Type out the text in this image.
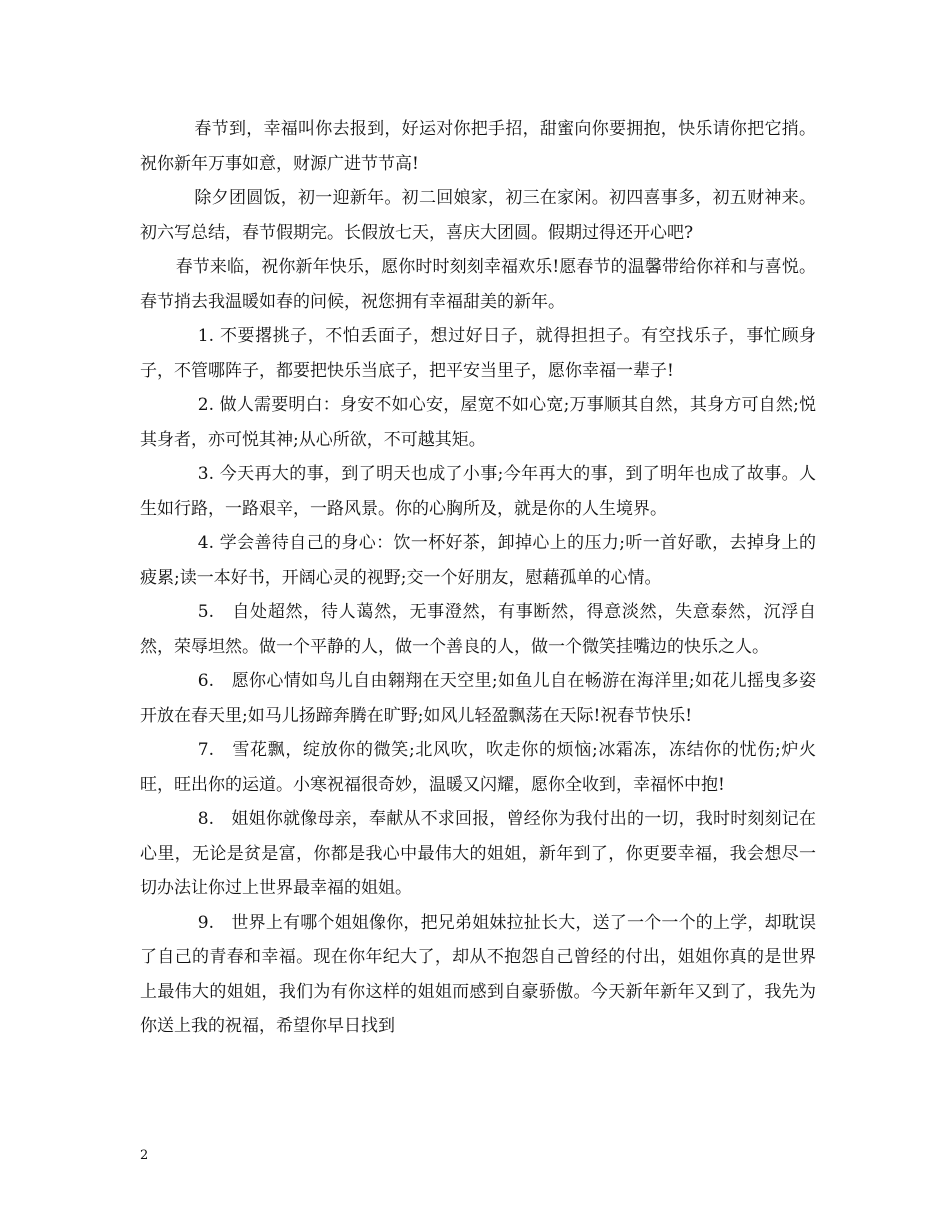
春节到，幸福叫你去报到，好运对你把手招，甜蜜向你要拥抱，快乐请你把它捎。祝你新年万事如意，财源广进节节高!

除夕团圆饭，初一迎新年。初二回娘家，初三在家闲。初四喜事多，初五财神来。初六写总结，春节假期完。长假放七天，喜庆大团圆。假期过得还开心吧?

春节来临，祝你新年快乐，愿你时时刻刻幸福欢乐!愿春节的温馨带给你祥和与喜悦。春节捎去我温暖如春的问候，祝您拥有幸福甜美的新年。

1. 不要撂挑子，不怕丢面子，想过好日子，就得担担子。有空找乐子，事忙顾身子，不管哪阵子，都要把快乐当底子，把平安当里子，愿你幸福一辈子!

2. 做人需要明白：身安不如心安，屋宽不如心宽;万事顺其自然，其身方可自然;悦其身者，亦可悦其神;从心所欲，不可越其矩。

3. 今天再大的事，到了明天也成了小事;今年再大的事，到了明年也成了故事。人生如行路，一路艰辛，一路风景。你的心胸所及，就是你的人生境界。

4. 学会善待自己的身心：饮一杯好茶，卸掉心上的压力;听一首好歌，去掉身上的疲累;读一本好书，开阔心灵的视野;交一个好朋友，慰藉孤单的心情。

5.　自处超然，待人蔼然，无事澄然，有事断然，得意淡然，失意泰然，沉浮自然，荣辱坦然。做一个平静的人，做一个善良的人，做一个微笑挂嘴边的快乐之人。

6.　愿你心情如鸟儿自由翱翔在天空里;如鱼儿自在畅游在海洋里;如花儿摇曳多姿开放在春天里;如马儿扬蹄奔腾在旷野;如风儿轻盈飘荡在天际!祝春节快乐!

7.　雪花飘，绽放你的微笑;北风吹，吹走你的烦恼;冰霜冻，冻结你的忧伤;炉火旺，旺出你的运道。小寒祝福很奇妙，温暖又闪耀，愿你全收到，幸福怀中抱!

8.　姐姐你就像母亲，奉献从不求回报，曾经你为我付出的一切，我时时刻刻记在心里，无论是贫是富，你都是我心中最伟大的姐姐，新年到了，你更要幸福，我会想尽一切办法让你过上世界最幸福的姐姐。

9.　世界上有哪个姐姐像你，把兄弟姐妹拉扯长大，送了一个一个的上学，却耽误了自己的青春和幸福。现在你年纪大了，却从不抱怨自己曾经的付出，姐姐你真的是世界上最伟大的姐姐，我们为有你这样的姐姐而感到自豪骄傲。今天新年新年又到了，我先为你送上我的祝福，希望你早日找到

2
